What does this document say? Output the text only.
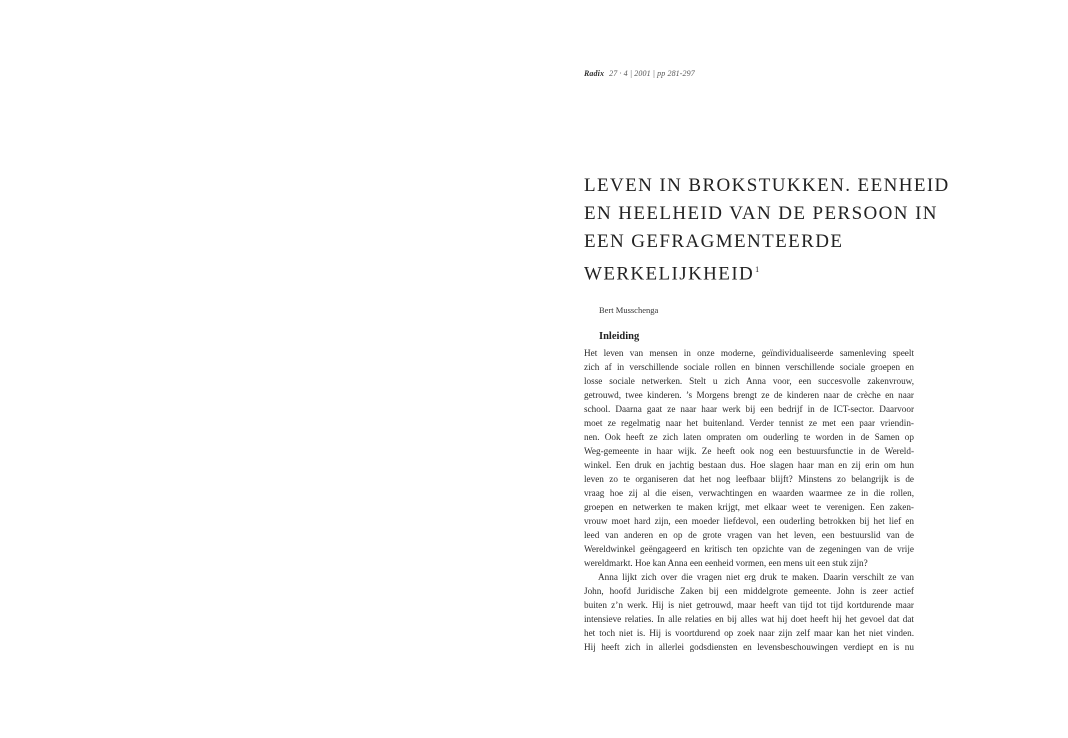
Radix 27 · 4 | 2001 | pp 281-297
LEVEN IN BROKSTUKKEN. EENHEID
EN HEELHEID VAN DE PERSOON IN
EEN GEFRAGMENTEERDE
WERKELIJKHEID$^1$
Bert Musschenga
Inleiding
Het leven van mensen in onze moderne, geïndividualiseerde samenleving speelt
zich af in verschillende sociale rollen en binnen verschillende sociale groepen en
losse sociale netwerken. Stelt u zich Anna voor, een succesvolle zakenvrouw,
getrouwd, twee kinderen. ’s Morgens brengt ze de kinderen naar de crèche en naar
school. Daarna gaat ze naar haar werk bij een bedrijf in de ICT-sector. Daarvoor
moet ze regelmatig naar het buitenland. Verder tennist ze met een paar vriendin-
nen. Ook heeft ze zich laten ompraten om ouderling te worden in de Samen op
Weg-gemeente in haar wijk. Ze heeft ook nog een bestuursfunctie in de Wereld-
winkel. Een druk en jachtig bestaan dus. Hoe slagen haar man en zij erin om hun
leven zo te organiseren dat het nog leefbaar blijft? Minstens zo belangrijk is de
vraag hoe zij al die eisen, verwachtingen en waarden waarmee ze in die rollen,
groepen en netwerken te maken krijgt, met elkaar weet te verenigen. Een zaken-
vrouw moet hard zijn, een moeder liefdevol, een ouderling betrokken bij het lief en
leed van anderen en op de grote vragen van het leven, een bestuurslid van de
Wereldwinkel geëngageerd en kritisch ten opzichte van de zegeningen van de vrije
wereldmarkt. Hoe kan Anna een eenheid vormen, een mens uit een stuk zijn?
Anna lijkt zich over die vragen niet erg druk te maken. Daarin verschilt ze van
John, hoofd Juridische Zaken bij een middelgrote gemeente. John is zeer actief
buiten z’n werk. Hij is niet getrouwd, maar heeft van tijd tot tijd kortdurende maar
intensieve relaties. In alle relaties en bij alles wat hij doet heeft hij het gevoel dat dat
het toch niet is. Hij is voortdurend op zoek naar zijn zelf maar kan het niet vinden.
Hij heeft zich in allerlei godsdiensten en levensbeschouwingen verdiept en is nu
